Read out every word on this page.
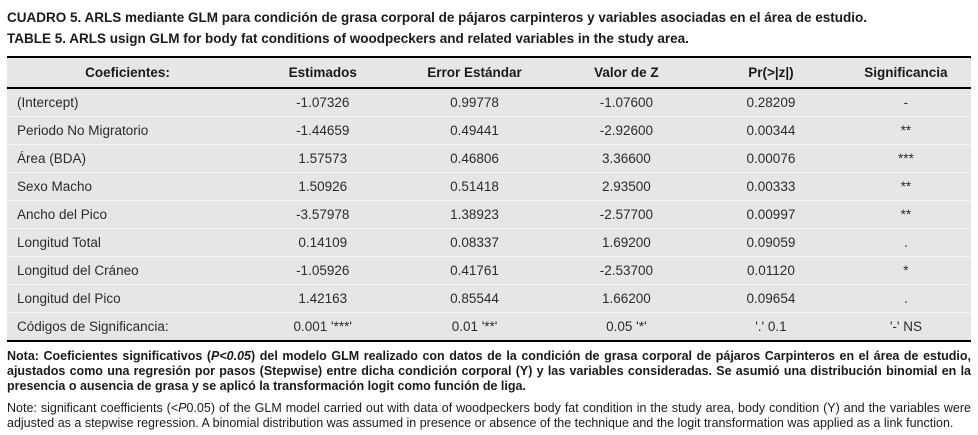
CUADRO 5. ARLS mediante GLM para condición de grasa corporal de pájaros carpinteros y variables asociadas en el área de estudio.
TABLE 5. ARLS usign GLM for body fat conditions of woodpeckers and related variables in the study area.
Coeficientes:	Estimados	Error Estándar	Valor de Z	Pr(>|z|)	Significancia
(Intercept)	-1.07326	0.99778	-1.07600	0.28209	-
Periodo No Migratorio	-1.44659	0.49441	-2.92600	0.00344	**
Área (BDA)	1.57573	0.46806	3.36600	0.00076	***
Sexo Macho	1.50926	0.51418	2.93500	0.00333	**
Ancho del Pico	-3.57978	1.38923	-2.57700	0.00997	**
Longitud Total	0.14109	0.08337	1.69200	0.09059	.
Longitud del Cráneo	-1.05926	0.41761	-2.53700	0.01120	*
Longitud del Pico	1.42163	0.85544	1.66200	0.09654	.
Códigos de Significancia:	0.001 '***'	0.01 '**'	0.05 '*'	'.' 0.1	'-' NS

Nota: Coeficientes significativos (P<0.05) del modelo GLM realizado con datos de la condición de grasa corporal de pájaros Carpinteros en el área de estudio, ajustados como una regresión por pasos (Stepwise) entre dicha condición corporal (Y) y las variables consideradas. Se asumió una distribución binomial en la presencia o ausencia de grasa y se aplicó la transformación logit como función de liga.

Note: significant coefficients (<P0.05) of the GLM model carried out with data of woodpeckers body fat condition in the study area, body condition (Y) and the variables were adjusted as a stepwise regression. A binomial distribution was assumed in presence or absence of the technique and the logit transformation was applied as a link function.
